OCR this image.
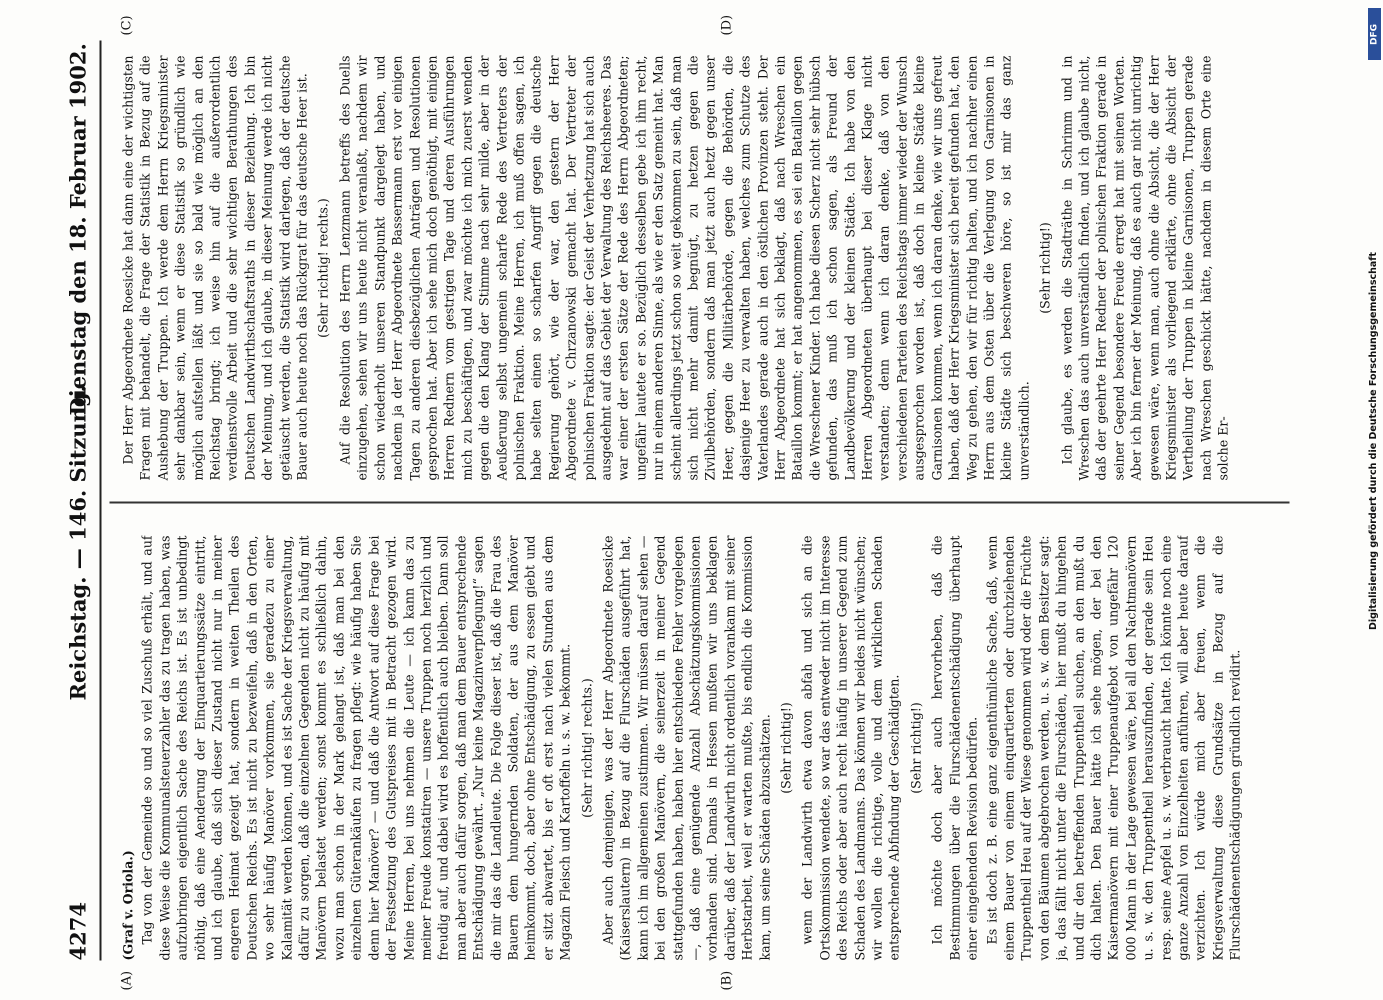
4274
Reichstag. — 146. Sitzung.
Dienstag den 18. Februar 1902.
(A)	(B)
(C)	(D)

(Graf v. Oriola.) Tag von der Gemeinde so und so viel Zuschuß erhält, und auf diese Weise die Kommunalsteuerzahler das zu tragen haben, was aufzubringen eigentlich Sache des Reichs ist. Es ist unbedingt nöthig, daß eine Aenderung der Einquartierungssätze eintritt, und ich glaube, daß sich dieser Zustand nicht nur in meiner engeren Heimat gezeigt hat, sondern in weiten Theilen des Deutschen Reichs. Es ist nicht zu bezweifeln, daß in den Orten, wo sehr häufig Manöver vorkommen, sie geradezu zu einer Kalamität werden können, und es ist Sache der Kriegsverwaltung, dafür zu sorgen, daß die einzelnen Gegenden nicht zu häufig mit Manövern belastet werden; sonst kommt es schließlich dahin, wozu man schon in der Mark gelangt ist, daß man bei den einzelnen Güterankäufen zu fragen pflegt: wie häufig haben Sie denn hier Manöver? — und daß die Antwort auf diese Frage bei der Festsetzung des Gutspreises mit in Betracht gezogen wird. Meine Herren, bei uns nehmen die Leute — ich kann das zu meiner Freude konstatiren — unsere Truppen noch herzlich und freudig auf, und dabei wird es hoffentlich auch bleiben. Dann soll man aber auch dafür sorgen, daß man dem Bauer entsprechende Entschädigung gewährt. „Nur keine Magazinverpflegung!“ sagen die mir das die Landleute. Die Folge dieser ist, daß die Frau des Bauern dem hungernden Soldaten, der aus dem Manöver heimkommt, doch, aber ohne Entschädigung, zu essen giebt und er sitzt abwartet, bis er oft erst nach vielen Stunden aus dem Magazin Fleisch und Kartoffeln u. s. w. bekommt. (Sehr richtig! rechts.) Aber auch demjenigen, was der Herr Abgeordnete Roesicke (Kaiserslautern) in Bezug auf die Flurschäden ausgeführt hat, kann ich im allgemeinen zustimmen. Wir müssen darauf sehen — bei den großen Manövern, die seinerzeit in meiner Gegend stattgefunden haben, haben hier entschiedene Fehler vorgelegen —, daß eine genügende Anzahl Abschätzungskommissionen vorhanden sind. Damals in Hessen mußten wir uns beklagen darüber, daß der Landwirth nicht ordentlich vorankam mit seiner Herbstarbeit, weil er warten mußte, bis endlich die Kommission kam, um seine Schäden abzuschätzen. (Sehr richtig!) wenn der Landwirth etwa davon abfah und sich an die Ortskommission wendete, so war das entweder nicht im Interesse des Reichs oder aber auch recht häufig in unserer Gegend zum Schaden des Landmanns. Das können wir beides nicht wünschen; wir wollen die richtige, volle und dem wirklichen Schaden entsprechende Abfindung der Geschädigten. (Sehr richtig!) Ich möchte doch aber auch hervorheben, daß die Bestimmungen über die Flurschädenentschädigung überhaupt einer eingehenden Revision bedürfen. Es ist doch z. B. eine ganz eigenthümliche Sache, daß, wenn einem Bauer von einem einquartierten oder durchziehenden Truppentheil Heu auf der Wiese genommen wird oder die Früchte von den Bäumen abgebrochen werden, u. s. w. dem Besitzer sagt: ja, das fällt nicht unter die Flurschäden, hier mußt du hingehen und dir den betreffenden Truppentheil suchen, an den mußt du dich halten. Den Bauer hätte ich sehe mögen, der bei den Kaisermanövern mit einer Truppenaufgebot von ungefähr 120 000 Mann in der Lage gewesen wäre, bei all den Nachtmanövern u. s. w. den Truppentheil herauszufinden, der gerade sein Heu resp. seine Aepfel u. s. w. verbraucht hatte. Ich könnte noch eine ganze Anzahl von Einzelheiten anführen, will aber heute darauf verzichten. Ich würde mich aber freuen, wenn die Kriegsverwaltung diese Grundsätze in Bezug auf die Flurschädenentschädigungen gründlich revidirt.

Der Herr Abgeordnete Roesicke hat dann eine der wichtigsten Fragen mit behandelt, die Frage der Statistik in Bezug auf die Aushebung der Truppen. Ich werde dem Herrn Kriegsminister sehr dankbar sein, wenn er diese Statistik so gründlich wie möglich aufstellen läßt und sie so bald wie möglich an den Reichstag bringt; ich weise hin auf die außerordentlich verdienstvolle Arbeit und die sehr wichtigen Berathungen des Deutschen Landwirthschaftsraths in dieser Beziehung. Ich bin der Meinung, und ich glaube, in dieser Meinung werde ich nicht getäuscht werden, die Statistik wird darlegen, daß der deutsche Bauer auch heute noch das Rückgrat für das deutsche Heer ist. (Sehr richtig! rechts.) Auf die Resolution des Herrn Lenzmann betreffs des Duells einzugehen, sehen wir uns heute nicht veranlaßt, nachdem wir schon wiederholt unseren Standpunkt dargelegt haben, und nachdem ja der Herr Abgeordnete Bassermann erst vor einigen Tagen zu anderen diesbezüglichen Anträgen und Resolutionen gesprochen hat. Aber ich sehe mich doch genöthigt, mit einigen Herren Rednern vom gestrigen Tage und deren Ausführungen mich zu beschäftigen, und zwar möchte ich mich zuerst wenden gegen die den Klang der Stimme nach sehr milde, aber in der Aeußerung selbst ungemein scharfe Rede des Vertreters der polnischen Fraktion. Meine Herren, ich muß offen sagen, ich habe selten einen so scharfen Angriff gegen die deutsche Regierung gehört, wie der war, den gestern der Herr Abgeordnete v. Chrzanowski gemacht hat. Der Vertreter der polnischen Fraktion sagte: der Geist der Verhetzung hat sich auch ausgedehnt auf das Gebiet der Verwaltung des Reichsheeres. Das war einer der ersten Sätze der Rede des Herrn Abgeordneten; ungefähr lautete er so. Bezüglich desselben gebe ich ihm recht, nur in einem anderen Sinne, als wie er den Satz gemeint hat. Man scheint allerdings jetzt schon so weit gekommen zu sein, daß man sich nicht mehr damit begnügt, zu hetzen gegen die Zivilbehörden, sondern daß man jetzt auch hetzt gegen unser Heer, gegen die Militärbehörde, gegen die Behörden, die dasjenige Heer zu verwalten haben, welches zum Schutze des Vaterlandes gerade auch in den östlichen Provinzen steht. Der Herr Abgeordnete hat sich beklagt, daß nach Wreschen ein Bataillon kommt; er hat angenommen, es sei ein Bataillon gegen die Wreschener Kinder. Ich habe diesen Scherz nicht sehr hübsch gefunden, das muß ich schon sagen, als Freund der Landbevölkerung und der kleinen Städte. Ich habe von den Herren Abgeordneten überhaupt bei dieser Klage nicht verstanden; denn wenn ich daran denke, daß von den verschiedenen Parteien des Reichstags immer wieder der Wunsch ausgesprochen worden ist, daß doch in kleine Städte kleine Garnisonen kommen, wenn ich daran denke, wie wir uns gefreut haben, daß der Herr Kriegsminister sich bereit gefunden hat, den Weg zu gehen, den wir für richtig halten, und ich nachher einen Herrn aus dem Osten über die Verlegung von Garnisonen in kleine Städte sich beschweren höre, so ist mir das ganz unverständlich.

(Sehr richtig!) Ich glaube, es werden die Stadträthe in Schrimm und in Wreschen das auch unverständlich finden, und ich glaube nicht, daß der geehrte Herr Redner der polnischen Fraktion gerade in seiner Gegend besondere Freude erregt hat mit seinen Worten. Aber ich bin ferner der Meinung, daß es auch gar nicht unrichtig gewesen wäre, wenn man, auch ohne die Absicht, die der Herr Kriegsminister als vorliegend erklärte, ohne die Absicht der Vertheilung der Truppen in kleine Garnisonen, Truppen gerade nach Wreschen geschickt hätte, nachdem in diesem Orte eine solche Er-

DFG
Digitalisierung gefördert durch die Deutsche Forschungsgemeinschaft
